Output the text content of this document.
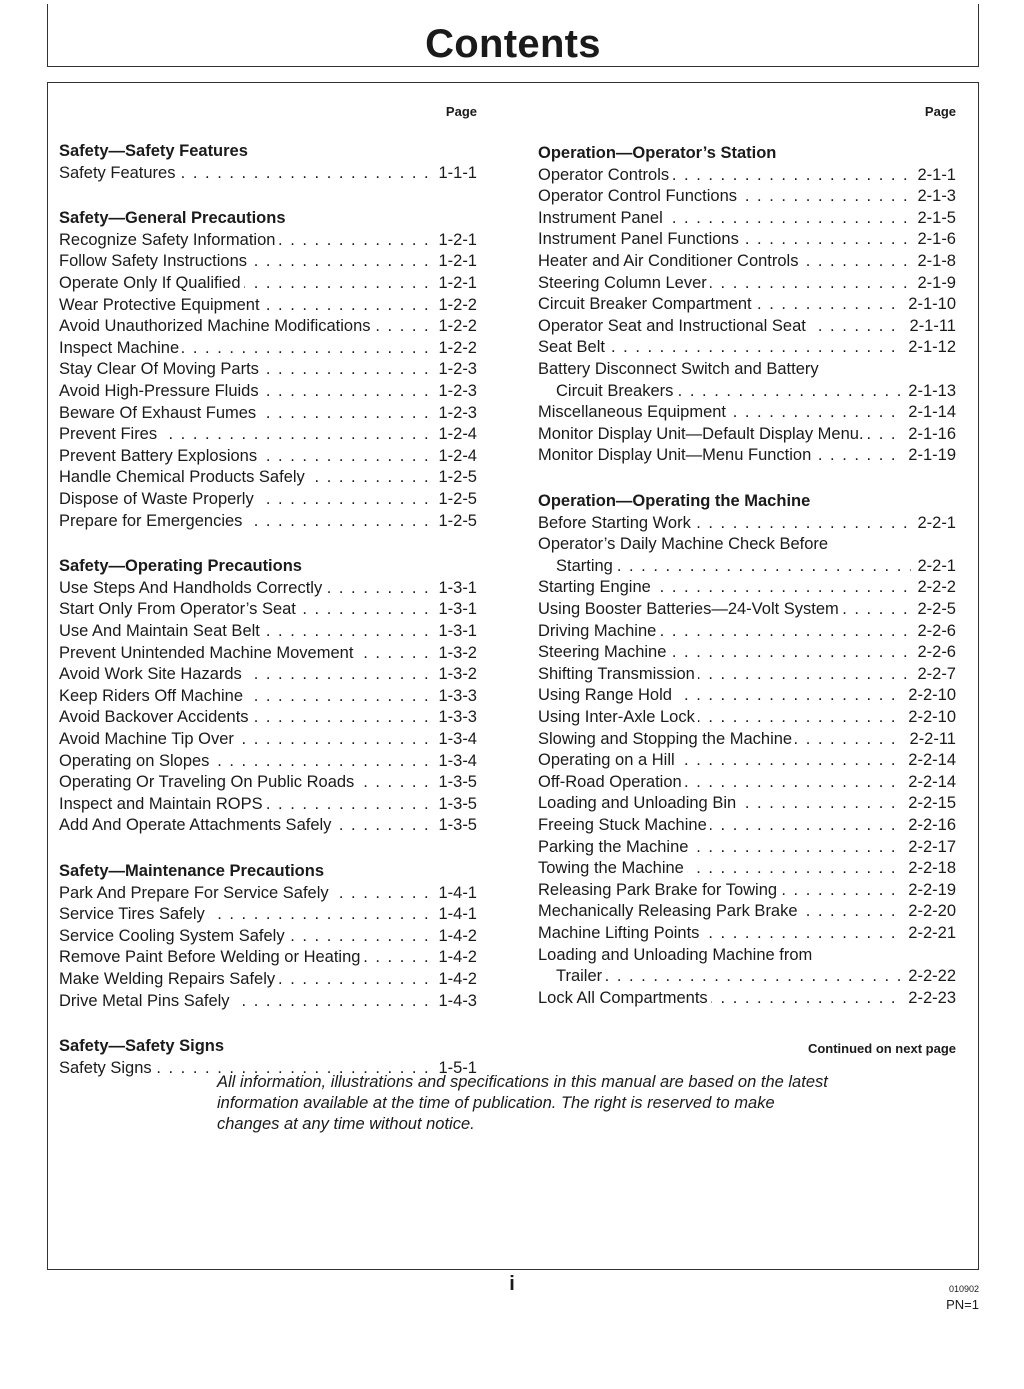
Contents
Page
Safety—Safety Features
. . .
Safety Features	1-1-1
Safety—General Precautions
. . .
Recognize Safety Information	1-2-1
. . .
Follow Safety Instructions	1-2-1
. . .
Operate Only If Qualified	1-2-1
. . .
Wear Protective Equipment	1-2-2
. . .
Avoid Unauthorized Machine Modifications	1-2-2
. . .
Inspect Machine	1-2-2
. . .
Stay Clear Of Moving Parts	1-2-3
. . .
Avoid High-Pressure Fluids	1-2-3
. . .
Beware Of Exhaust Fumes	1-2-3
. . .
Prevent Fires	1-2-4
. . .
Prevent Battery Explosions	1-2-4
. . .
Handle Chemical Products Safely	1-2-5
. . .
Dispose of Waste Properly	1-2-5
. . .
Prepare for Emergencies	1-2-5
Safety—Operating Precautions
. . .
Use Steps And Handholds Correctly	1-3-1
. . .
Start Only From Operator’s Seat	1-3-1
. . .
Use And Maintain Seat Belt	1-3-1
. . .
Prevent Unintended Machine Movement	1-3-2
. . .
Avoid Work Site Hazards	1-3-2
. . .
Keep Riders Off Machine	1-3-3
. . .
Avoid Backover Accidents	1-3-3
. . .
Avoid Machine Tip Over	1-3-4
. . .
Operating on Slopes	1-3-4
. . .
Operating Or Traveling On Public Roads	1-3-5
. . .
Inspect and Maintain ROPS	1-3-5
. . .
Add And Operate Attachments Safely	1-3-5
Safety—Maintenance Precautions
. . .
Park And Prepare For Service Safely	1-4-1
. . .
Service Tires Safely	1-4-1
. . .
Service Cooling System Safely	1-4-2
. . .
Remove Paint Before Welding or Heating	1-4-2
. . .
Make Welding Repairs Safely	1-4-2
. . .
Drive Metal Pins Safely	1-4-3
Safety—Safety Signs
. . .
Safety Signs	1-5-1
Page
Continued on next page
Operation—Operator’s Station
. . .
Operator Controls	2-1-1
. . .
Operator Control Functions	2-1-3
. . .
Instrument Panel	2-1-5
. . .
Instrument Panel Functions	2-1-6
. . .
Heater and Air Conditioner Controls	2-1-8
. . .
Steering Column Lever	2-1-9
. . .
Circuit Breaker Compartment	2-1-10
. . .
Operator Seat and Instructional Seat	2-1-11
. . .
Seat Belt	2-1-12
Battery Disconnect Switch and Battery
. . .
Circuit Breakers	2-1-13
. . .
Miscellaneous Equipment	2-1-14
. . .
Monitor Display Unit—Default Display Menu.	2-1-16
. . .
Monitor Display Unit—Menu Function	2-1-19
Operation—Operating the Machine
. . .
Before Starting Work	2-2-1
Operator’s Daily Machine Check Before
. . .
Starting	2-2-1
. . .
Starting Engine	2-2-2
. . .
Using Booster Batteries—24-Volt System	2-2-5
. . .
Driving Machine	2-2-6
. . .
Steering Machine	2-2-6
. . .
Shifting Transmission	2-2-7
. . .
Using Range Hold	2-2-10
. . .
Using Inter-Axle Lock	2-2-10
. . .
Slowing and Stopping the Machine	2-2-11
. . .
Operating on a Hill	2-2-14
. . .
Off-Road Operation	2-2-14
. . .
Loading and Unloading Bin	2-2-15
. . .
Freeing Stuck Machine	2-2-16
. . .
Parking the Machine	2-2-17
. . .
Towing the Machine	2-2-18
. . .
Releasing Park Brake for Towing	2-2-19
. . .
Mechanically Releasing Park Brake	2-2-20
. . .
Machine Lifting Points	2-2-21
Loading and Unloading Machine from
. . .
Trailer	2-2-22
. . .
Lock All Compartments	2-2-23
All information, illustrations and specifications in this manual are based on the latest information available at the time of publication. The right is reserved to make changes at any time without notice.
i	010902
PN=1
